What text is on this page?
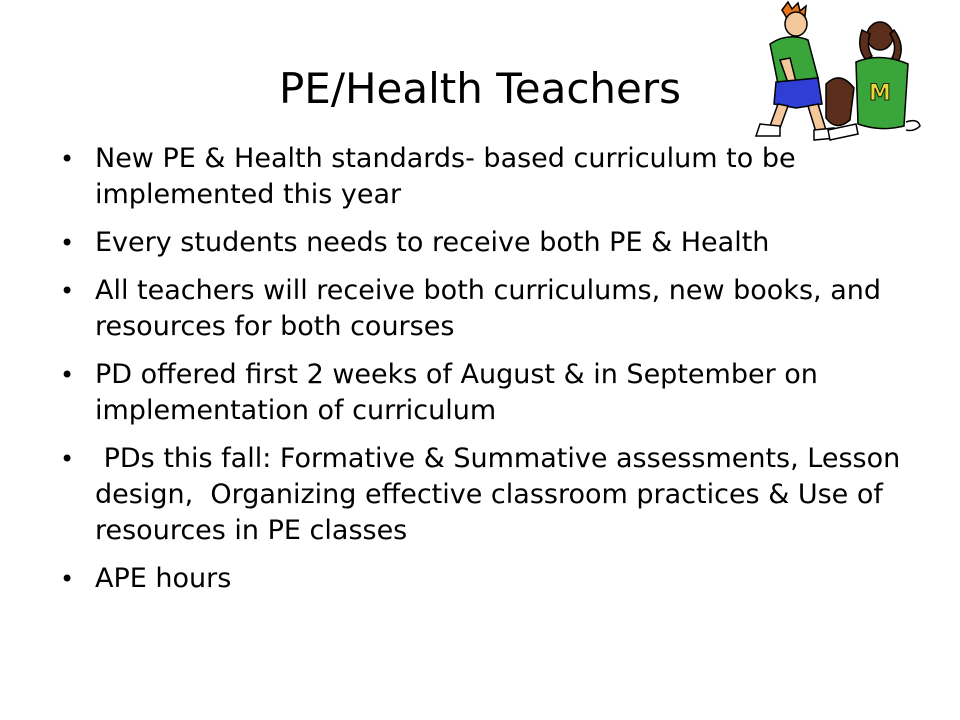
PE/Health Teachers	M
• New PE & Health standards- based curriculum to be implemented this year
• Every students needs to receive both PE & Health
• All teachers will receive both curriculums, new books, and resources for both courses
• PD offered first 2 weeks of August & in September on implementation of curriculum
• PDs this fall: Formative & Summative assessments, Lesson design,  Organizing effective classroom practices & Use of resources in PE classes
• APE hours
